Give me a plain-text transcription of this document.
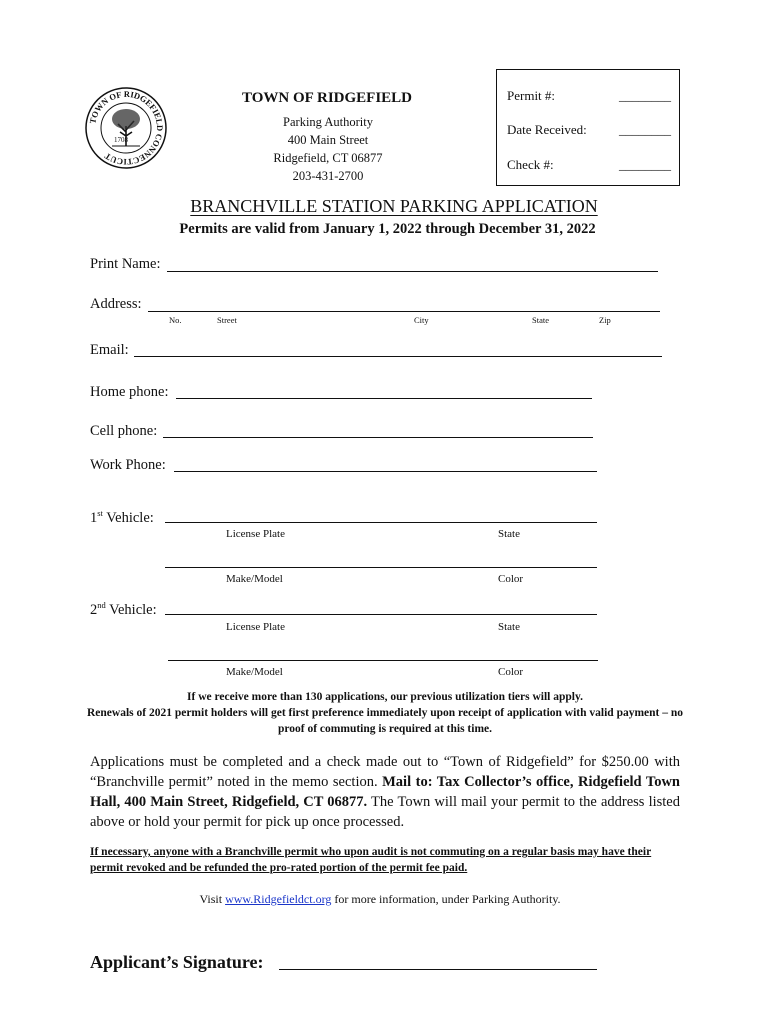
TOWN OF RIDGEFIELD CONNECTICUT
1708
TOWN OF RIDGEFIELD
Parking Authority
400 Main Street
Ridgefield, CT 06877
203-431-2700
Permit #:	________
Date Received: ________
Check #:	________
BRANCHVILLE STATION PARKING APPLICATION
Permits are valid from January 1, 2022 through December 31, 2022
Print Name:
Address:
No.	Street	City	State	Zip
Email:
Home phone:
Cell phone:
Work Phone:
1st Vehicle:
License Plate	State
Make/Model	Color
2nd Vehicle:
License Plate	State
Make/Model	Color
If we receive more than 130 applications, our previous utilization tiers will apply.
Renewals of 2021 permit holders will get first preference immediately upon receipt of application with valid payment – no proof of commuting is required at this time.
Applications must be completed and a check made out to “Town of Ridgefield” for $250.00 with “Branchville permit” noted in the memo section. Mail to: Tax Collector’s office, Ridgefield Town Hall, 400 Main Street, Ridgefield, CT 06877. The Town will mail your permit to the address listed above or hold your permit for pick up once processed.
If necessary, anyone with a Branchville permit who upon audit is not commuting on a regular basis may have their permit revoked and be refunded the pro-rated portion of the permit fee paid.
Visit www.Ridgefieldct.org for more information, under Parking Authority.
Applicant’s Signature:
